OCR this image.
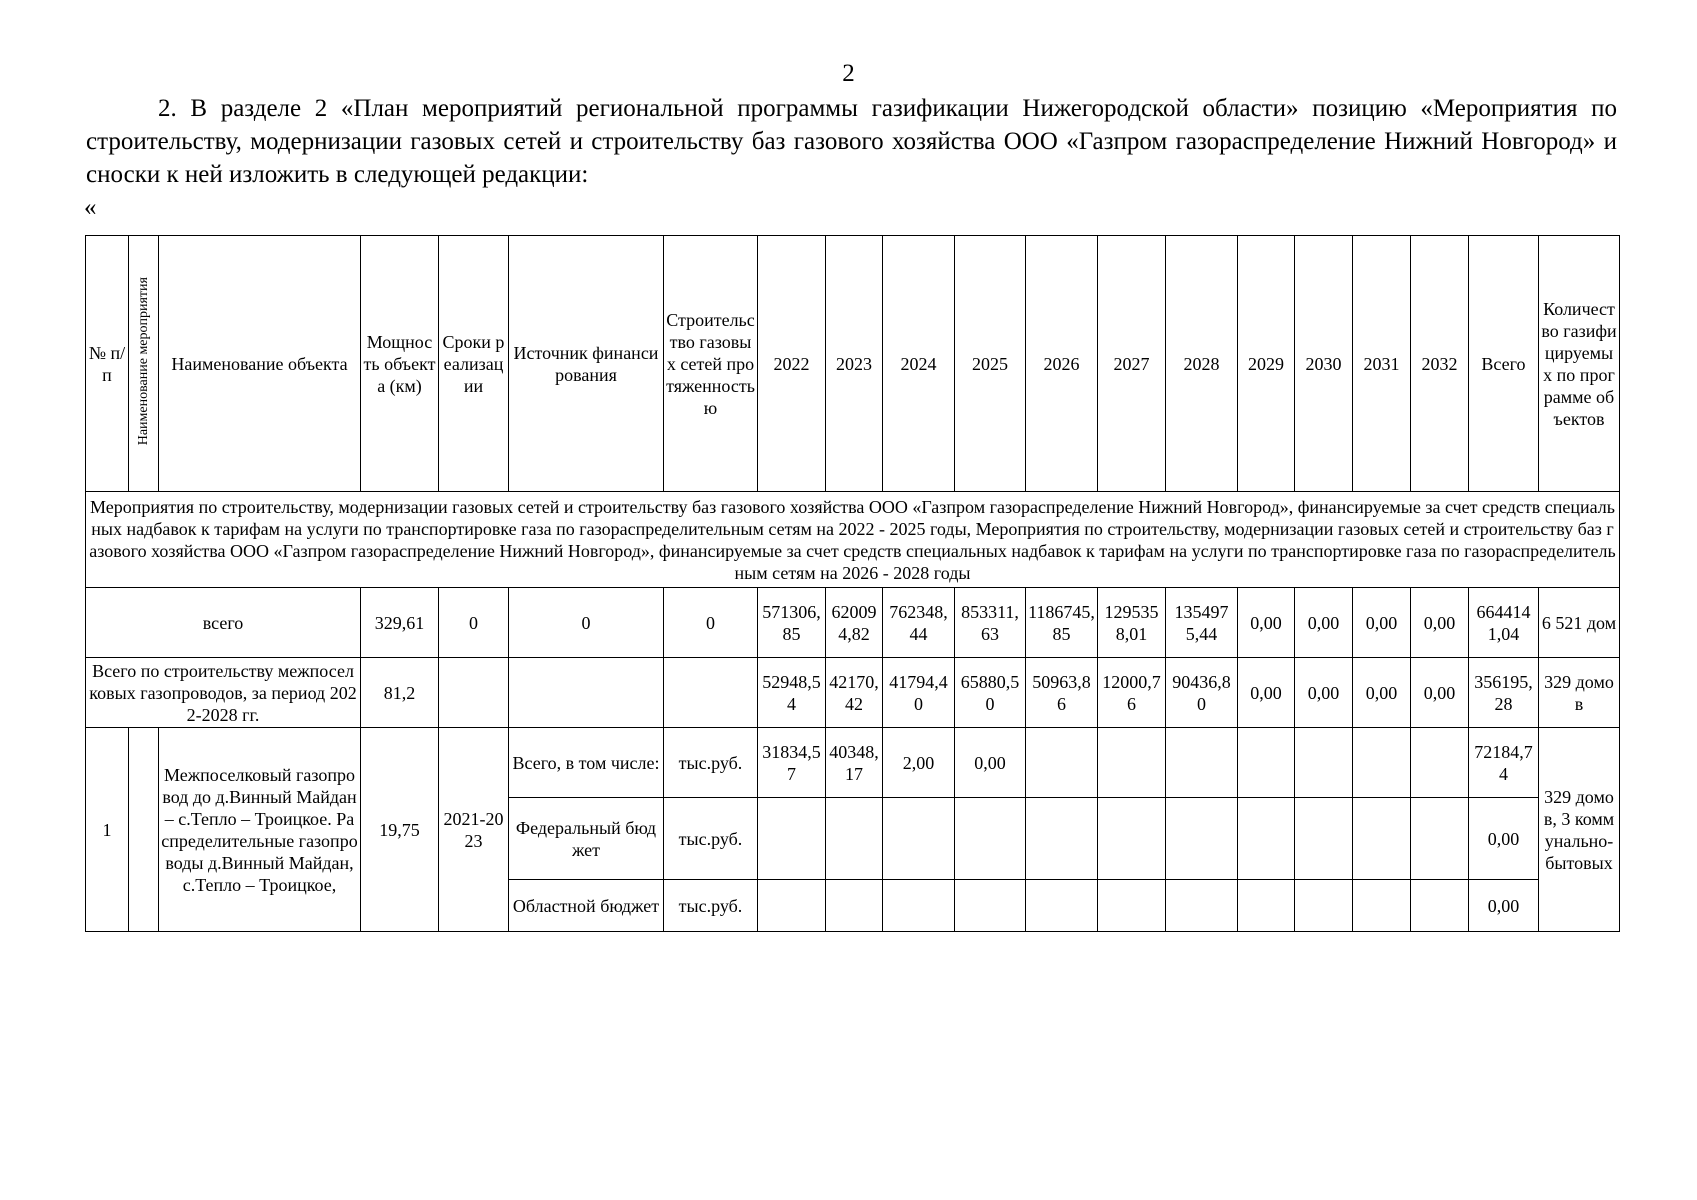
2

2. В разделе 2 «План мероприятий региональной программы газификации Нижегородской области» позицию «Мероприятия по строительству, модернизации газовых сетей и строительству баз газового хозяйства ООО «Газпром газораспределение Нижний Новгород» и сноски к ней изложить в следующей редакции:

«
№ п/п	Наименование мероприятия	Наименование объекта	Мощность объекта (км)	Сроки реализации	Источник финансирования	Строительство газовых сетей протяженностью	2022	2023	2024	2025	2026	2027	2028	2029	2030	2031	2032	Всего	Количество газифицируемых по программе объектов
Мероприятия по строительству, модернизации газовых сетей и строительству баз газового хозяйства ООО «Газпром газораспределение Нижний Новгород», финансируемые за счет средств специальных надбавок к тарифам на услуги по транспортировке газа по газораспределительным сетям на 2022 - 2025 годы, Мероприятия по строительству, модернизации газовых сетей и строительству баз газового хозяйства ООО «Газпром газораспределение Нижний Новгород», финансируемые за счет средств специальных надбавок к тарифам на услуги по транспортировке газа по газораспределительным сетям на 2026 - 2028 годы																			
всего			329,61	0	0	0	571306,85	620094,82	762348,44	853311,63	1186745,85	1295358,01	1354975,44	0,00	0,00	0,00	0,00	6644141,04	6 521 дом
Всего по строительству межпоселковых газопроводов, за период 2022-2028 гг.			81,2				52948,54	42170,42	41794,40	65880,50	50963,86	12000,76	90436,80	0,00	0,00	0,00	0,00	356195,28	329 домов
1		Межпоселковый газопровод до д.Винный Майдан – с.Тепло – Троицкое. Распределительные газопроводы д.Винный Майдан, с.Тепло – Троицкое,	19,75	2021-2023	Всего, в том числе:	тыс.руб.	31834,57	40348,17	2,00	0,00								72184,74	329 домов, 3 коммунально-бытовых
					Федеральный бюджет	тыс.руб.												0,00	
					Областной бюджет	тыс.руб.												0,00	
